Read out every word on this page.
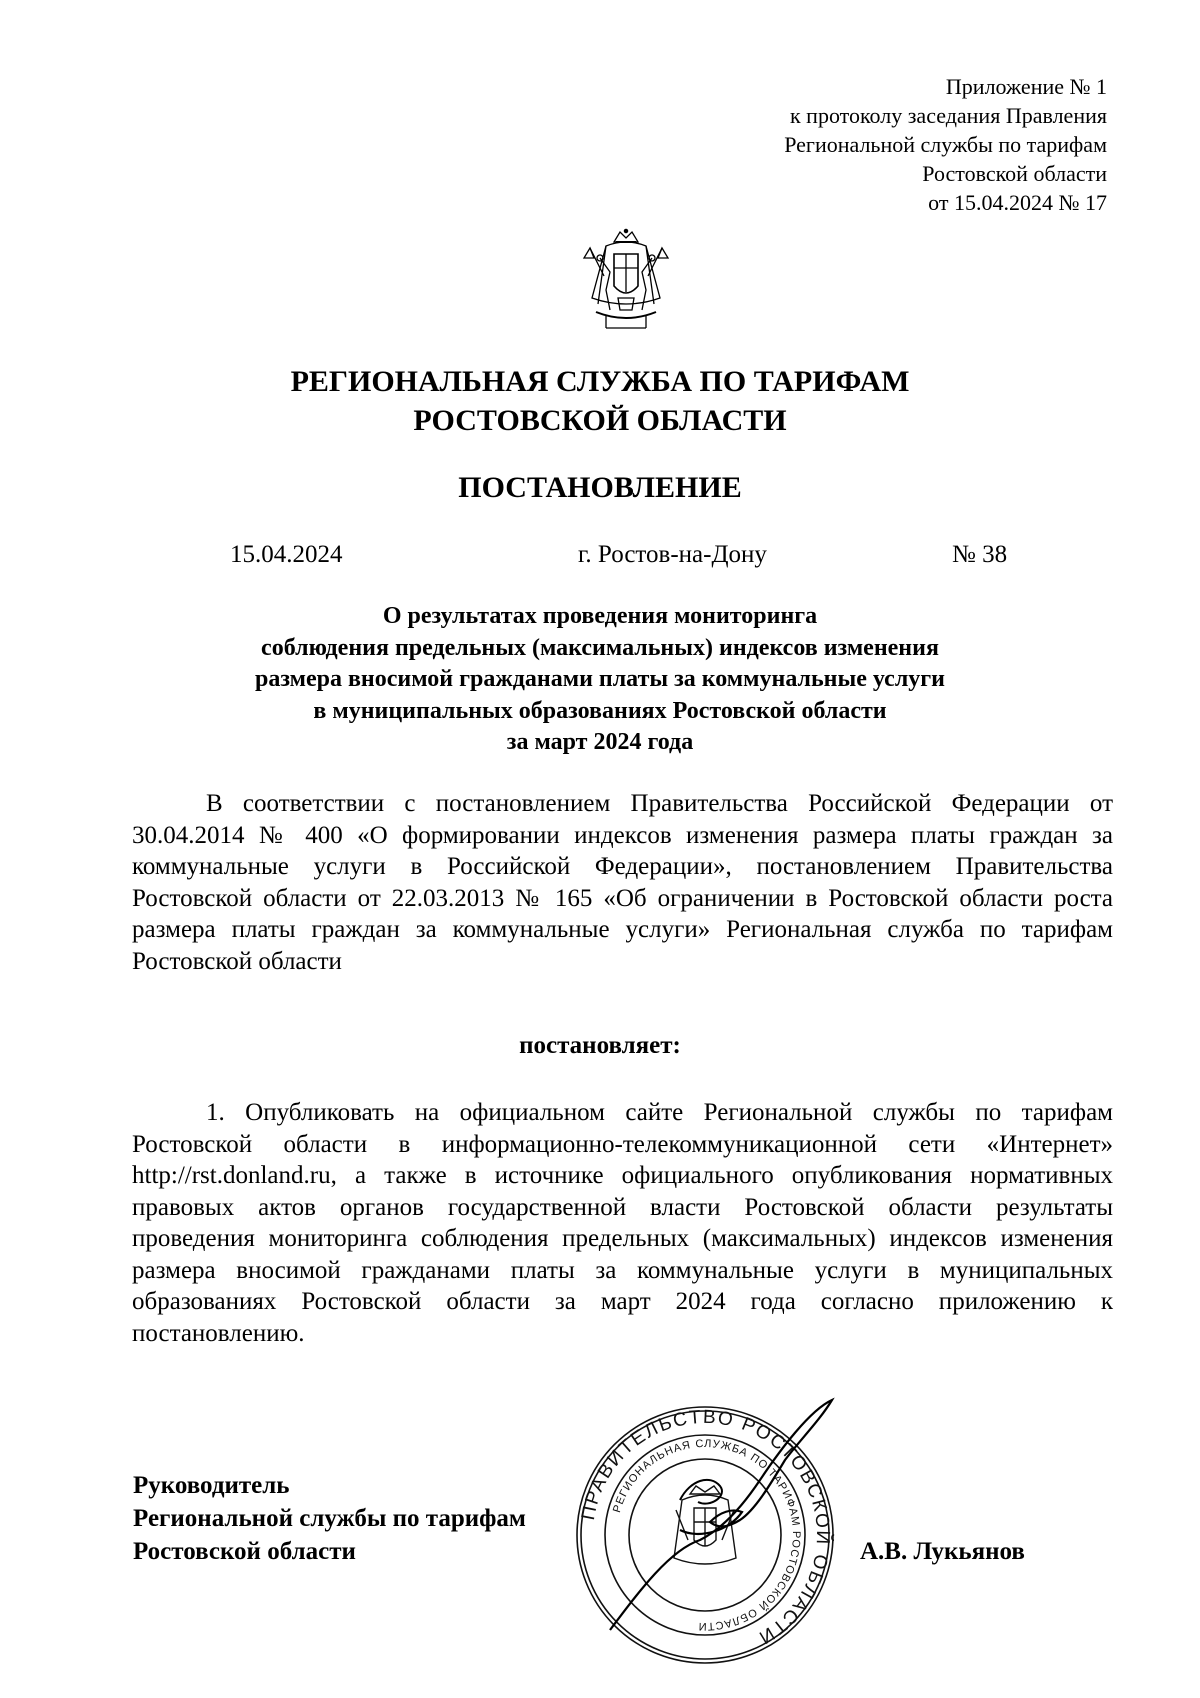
Приложение № 1
к протоколу заседания Правления
Региональной службы по тарифам
Ростовской области
от 15.04.2024 № 17
РЕГИОНАЛЬНАЯ СЛУЖБА ПО ТАРИФАМ
РОСТОВСКОЙ ОБЛАСТИ
ПОСТАНОВЛЕНИЕ
15.04.2024	г. Ростов-на-Дону	№ 38
О результатах проведения мониторинга
соблюдения предельных (максимальных) индексов изменения
размера вносимой гражданами платы за коммунальные услуги
в муниципальных образованиях Ростовской области
за март 2024 года
В соответствии с постановлением Правительства Российской Федерации от 30.04.2014 № 400 «О формировании индексов изменения размера платы граждан за коммунальные услуги в Российской Федерации», постановлением Правительства Ростовской области от 22.03.2013 № 165 «Об ограничении в Ростовской области роста размера платы граждан за коммунальные услуги» Региональная служба по тарифам Ростовской области
постановляет:
1. Опубликовать на официальном сайте Региональной службы по тарифам Ростовской области в информационно-телекоммуникационной сети «Интернет» http://rst.donland.ru, а также в источнике официального опубликования нормативных правовых актов органов государственной власти Ростовской области результаты проведения мониторинга соблюдения предельных (максимальных) индексов изменения размера вносимой гражданами платы за коммунальные услуги в муниципальных образованиях Ростовской области за март 2024 года согласно приложению к постановлению.
Руководитель
Региональной службы по тарифам
Ростовской области
ПРАВИТЕЛЬСТВО РОСТОВСКОЙ ОБЛАСТИ
РЕГИОНАЛЬНАЯ СЛУЖБА ПО ТАРИФАМ РОСТОВСКОЙ ОБЛАСТИ
А.В. Лукьянов
